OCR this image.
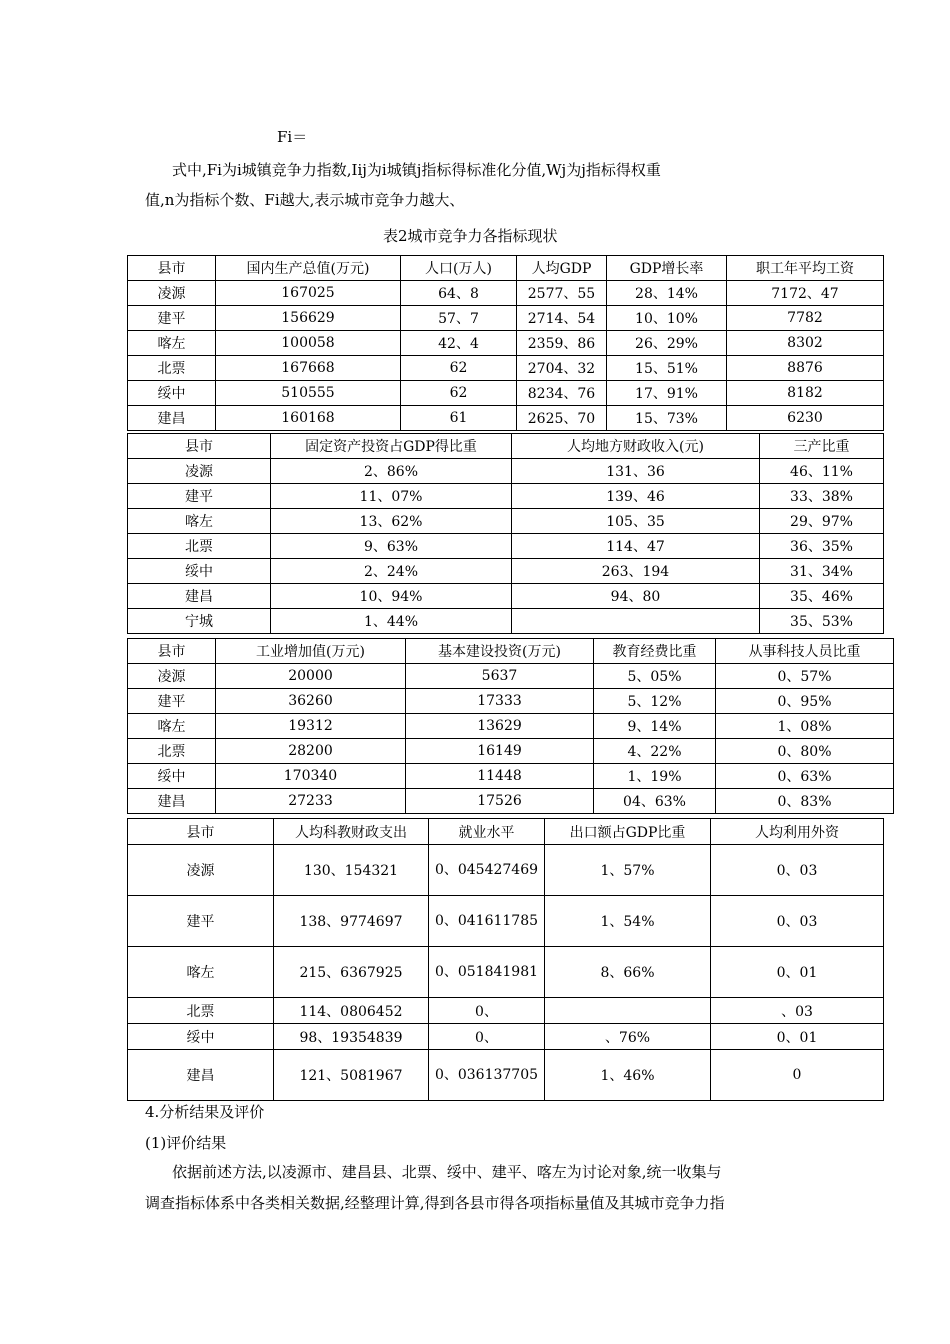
Fi＝
式中,Fi为i城镇竞争力指数,Iij为i城镇j指标得标准化分值,Wj为j指标得权重
值,n为指标个数、Fi越大,表示城市竞争力越大、
表2城市竞争力各指标现状
县市	国内生产总值(万元)	人口(万人)	人均GDP	GDP增长率	职工年平均工资
凌源	167025	64、8	2577、55	28、14%	7172、47
建平	156629	57、7	2714、54	10、10%	7782
喀左	100058	42、4	2359、86	26、29%	8302
北票	167668	62	2704、32	15、51%	8876
绥中	510555	62	8234、76	17、91%	8182
建昌	160168	61	2625、70	15、73%	6230
县市	固定资产投资占GDP得比重	人均地方财政收入(元)	三产比重
凌源	2、86%	131、36	46、11%
建平	11、07%	139、46	33、38%
喀左	13、62%	105、35	29、97%
北票	9、63%	114、47	36、35%
绥中	2、24%	263、194	31、34%
建昌	10、94%	94、80	35、46%
宁城	1、44%		35、53%
县市	工业增加值(万元)	基本建设投资(万元)	教育经费比重	从事科技人员比重
凌源	20000	5637	5、05%	0、57%
建平	36260	17333	5、12%	0、95%
喀左	19312	13629	9、14%	1、08%
北票	28200	16149	4、22%	0、80%
绥中	170340	11448	1、19%	0、63%
建昌	27233	17526	04、63%	0、83%
县市	人均科教财政支出	就业水平	出口额占GDP比重	人均利用外资
凌源	130、154321	0、045427469	1、57%	0、03
建平	138、9774697	0、041611785	1、54%	0、03
喀左	215、6367925	0、051841981	8、66%	0、01
北票	114、0806452	0、		、03
绥中	98、19354839	0、	、76%	0、01
建昌	121、5081967	0、036137705	1、46%	0
4.分析结果及评价
(1)评价结果
依据前述方法,以凌源市、建昌县、北票、绥中、建平、喀左为讨论对象,统一收集与
调查指标体系中各类相关数据,经整理计算,得到各县市得各项指标量值及其城市竞争力指
